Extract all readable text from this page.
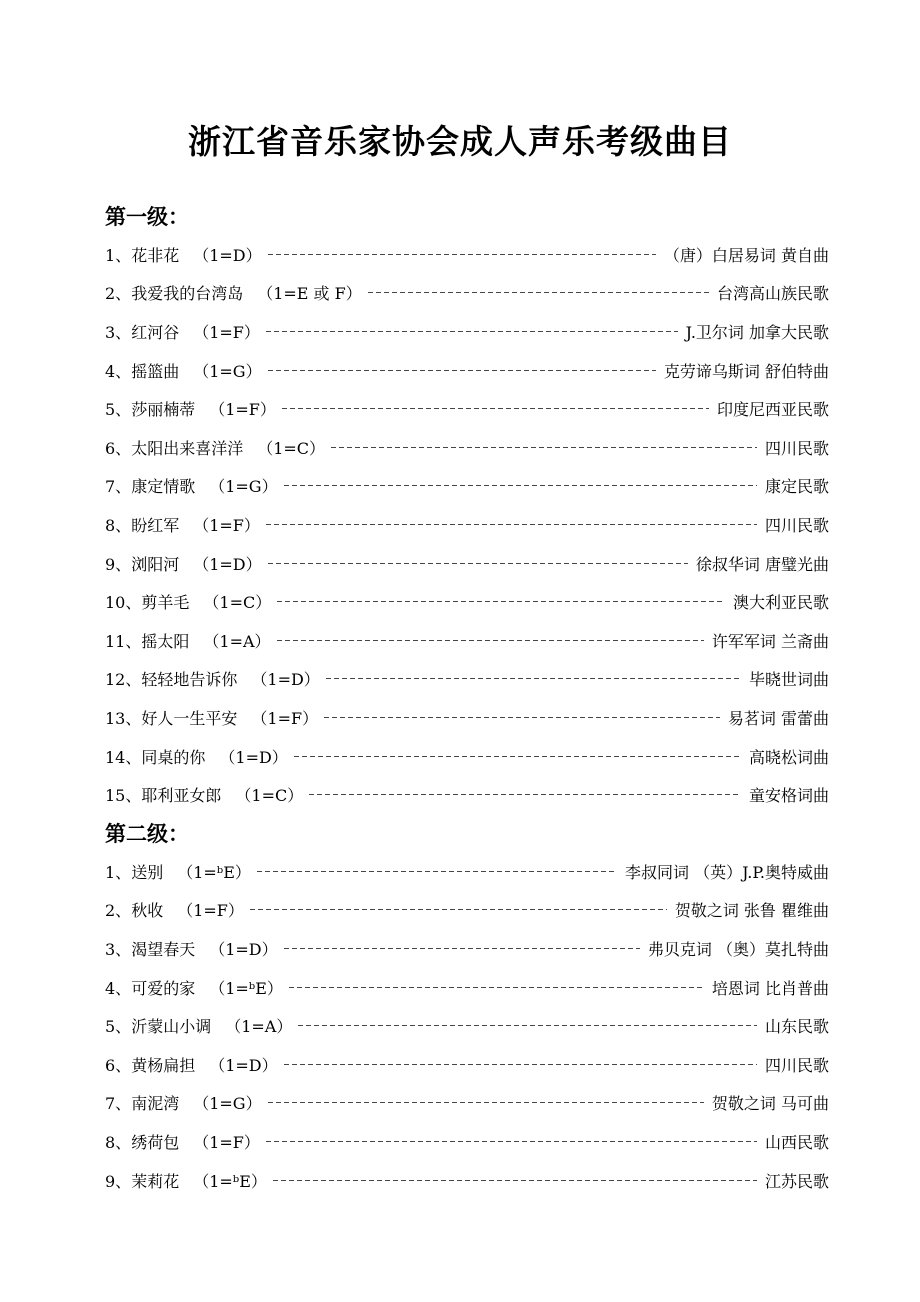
浙江省音乐家协会成人声乐考级曲目
第一级：
1、 花非花 （1=D）	（唐）白居易词 黄自曲
2、 我爱我的台湾岛 （1=E 或 F）	台湾高山族民歌
3、 红河谷 （1=F）	J.卫尔词 加拿大民歌
4、 摇篮曲 （1=G）	克劳谛乌斯词 舒伯特曲
5、 莎丽楠蒂 （1=F）	印度尼西亚民歌
6、 太阳出来喜洋洋 （1=C）	四川民歌
7、 康定情歌 （1=G）	康定民歌
8、 盼红军 （1=F）	四川民歌
9、 浏阳河 （1=D）	徐叔华词 唐璧光曲
10、 剪羊毛 （1=C）	澳大利亚民歌
11、 摇太阳 （1=A）	许军军词 兰斋曲
12、 轻轻地告诉你 （1=D）	毕晓世词曲
13、 好人一生平安 （1=F）	易茗词 雷蕾曲
14、 同桌的你 （1=D）	高晓松词曲
15、 耶利亚女郎 （1=C）	童安格词曲
第二级：
1、 送别 （1=ᵇE）	李叔同词 （英）J.P.奥特威曲
2、 秋收 （1=F）	贺敬之词 张鲁 瞿维曲
3、 渴望春天 （1=D）	弗贝克词 （奥）莫扎特曲
4、 可爱的家 （1=ᵇE）	培恩词 比肖普曲
5、 沂蒙山小调 （1=A）	山东民歌
6、 黄杨扁担 （1=D）	四川民歌
7、 南泥湾 （1=G）	贺敬之词 马可曲
8、 绣荷包 （1=F）	山西民歌
9、 茉莉花 （1=ᵇE）	江苏民歌
